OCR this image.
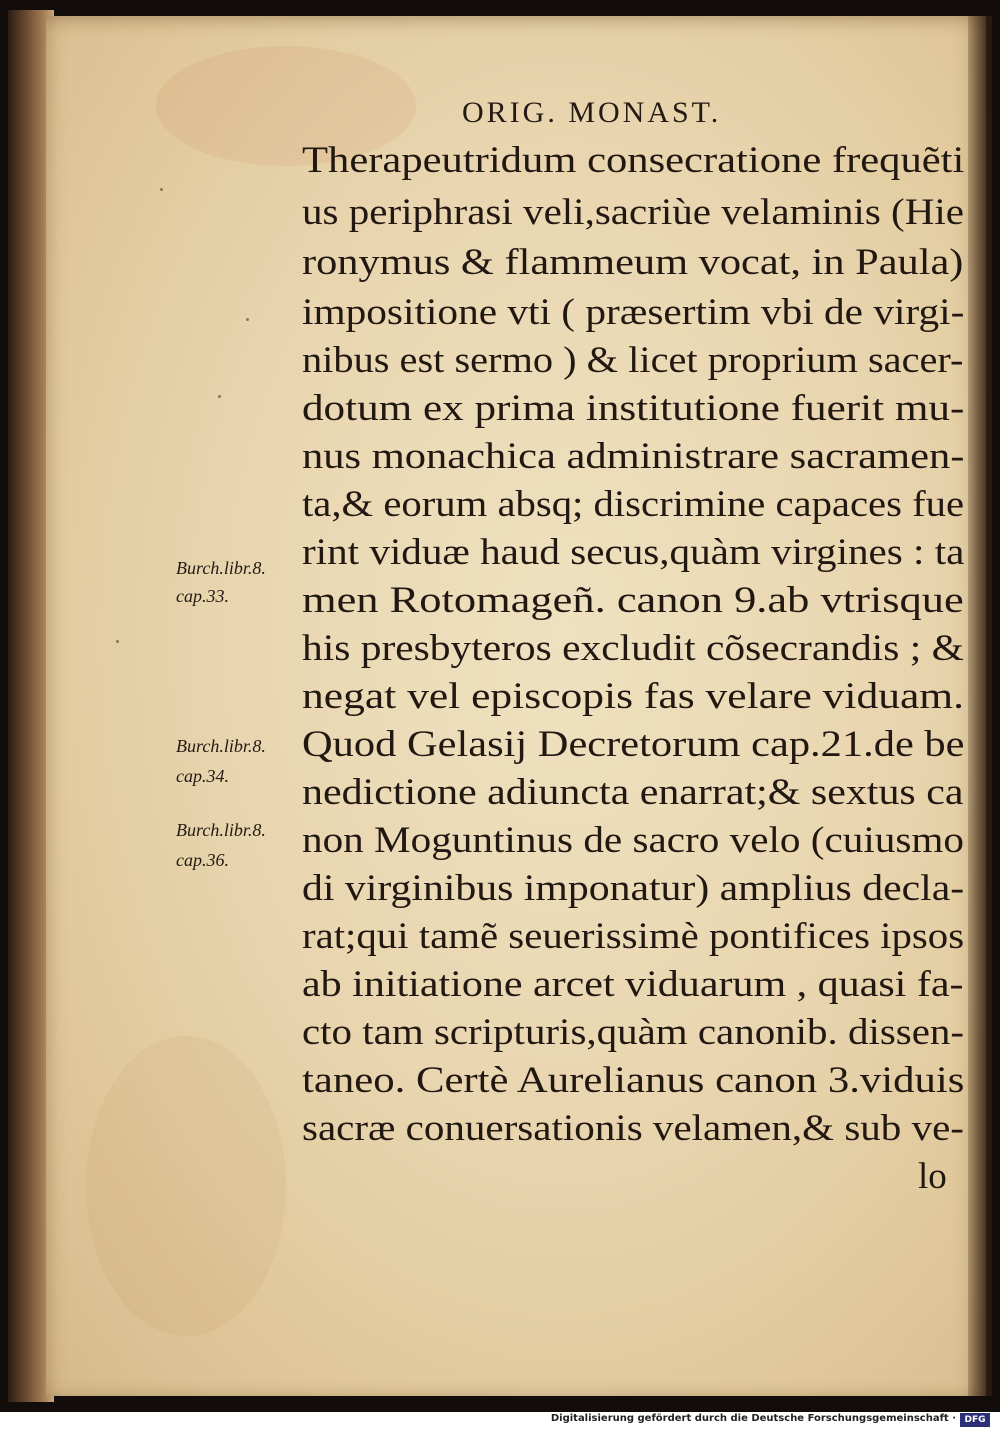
ORIG. MONAST.
Therapeutridum consecratione frequẽti
us periphrasi veli,sacriùe velaminis (Hie
ronymus & flammeum vocat, in Paula)
impositione vti ( præsertim vbi de virgi-
nibus est sermo ) & licet proprium sacer-
dotum ex prima institutione fuerit mu-
nus monachica administrare sacramen-
ta,& eorum absq; discrimine capaces fue
rint viduæ haud secus,quàm virgines : ta
men Rotomageñ. canon 9.ab vtrisque
his presbyteros excludit cõsecrandis ; &
negat vel episcopis fas velare viduam.
Quod Gelasij Decretorum cap.21.de be
nedictione adiuncta enarrat;& sextus ca
non Moguntinus de sacro velo (cuiusmo
di virginibus imponatur) amplius decla-
rat;qui tamẽ seuerissimè pontifices ipsos
ab initiatione arcet viduarum , quasi fa-
cto tam scripturis,quàm canonib. dissen-
taneo. Certè Aurelianus canon 3.viduis
sacræ conuersationis velamen,& sub ve-
lo
Burch.libr.8.
cap.33.
Burch.libr.8.
cap.34.
Burch.libr.8.
cap.36.
Digitalisierung gefördert durch die Deutsche Forschungsgemeinschaft · DFG
